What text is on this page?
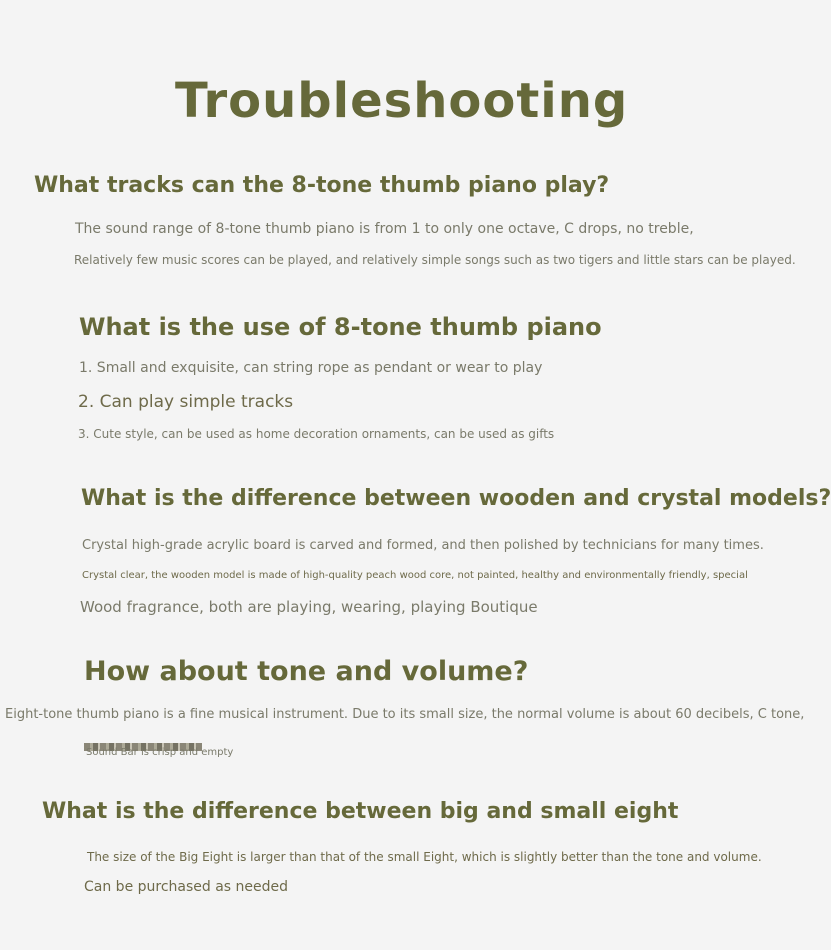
Troubleshooting
What tracks can the 8-tone thumb piano play?

The sound range of 8-tone thumb piano is from 1 to only one octave, C drops, no treble,

Relatively few music scores can be played, and relatively simple songs such as two tigers and little stars can be played.

What is the use of 8-tone thumb piano

1. Small and exquisite, can string rope as pendant or wear to play

2. Can play simple tracks

3. Cute style, can be used as home decoration ornaments, can be used as gifts

What is the difference between wooden and crystal models?

Crystal high-grade acrylic board is carved and formed, and then polished by technicians for many times.

Crystal clear, the wooden model is made of high-quality peach wood core, not painted, healthy and environmentally friendly, special

Wood fragrance, both are playing, wearing, playing Boutique

How about tone and volume?

Eight-tone thumb piano is a fine musical instrument. Due to its small size, the normal volume is about 60 decibels, C tone,

Sound Bar is crisp and empty

What is the difference between big and small eight

The size of the Big Eight is larger than that of the small Eight, which is slightly better than the tone and volume.

Can be purchased as needed
